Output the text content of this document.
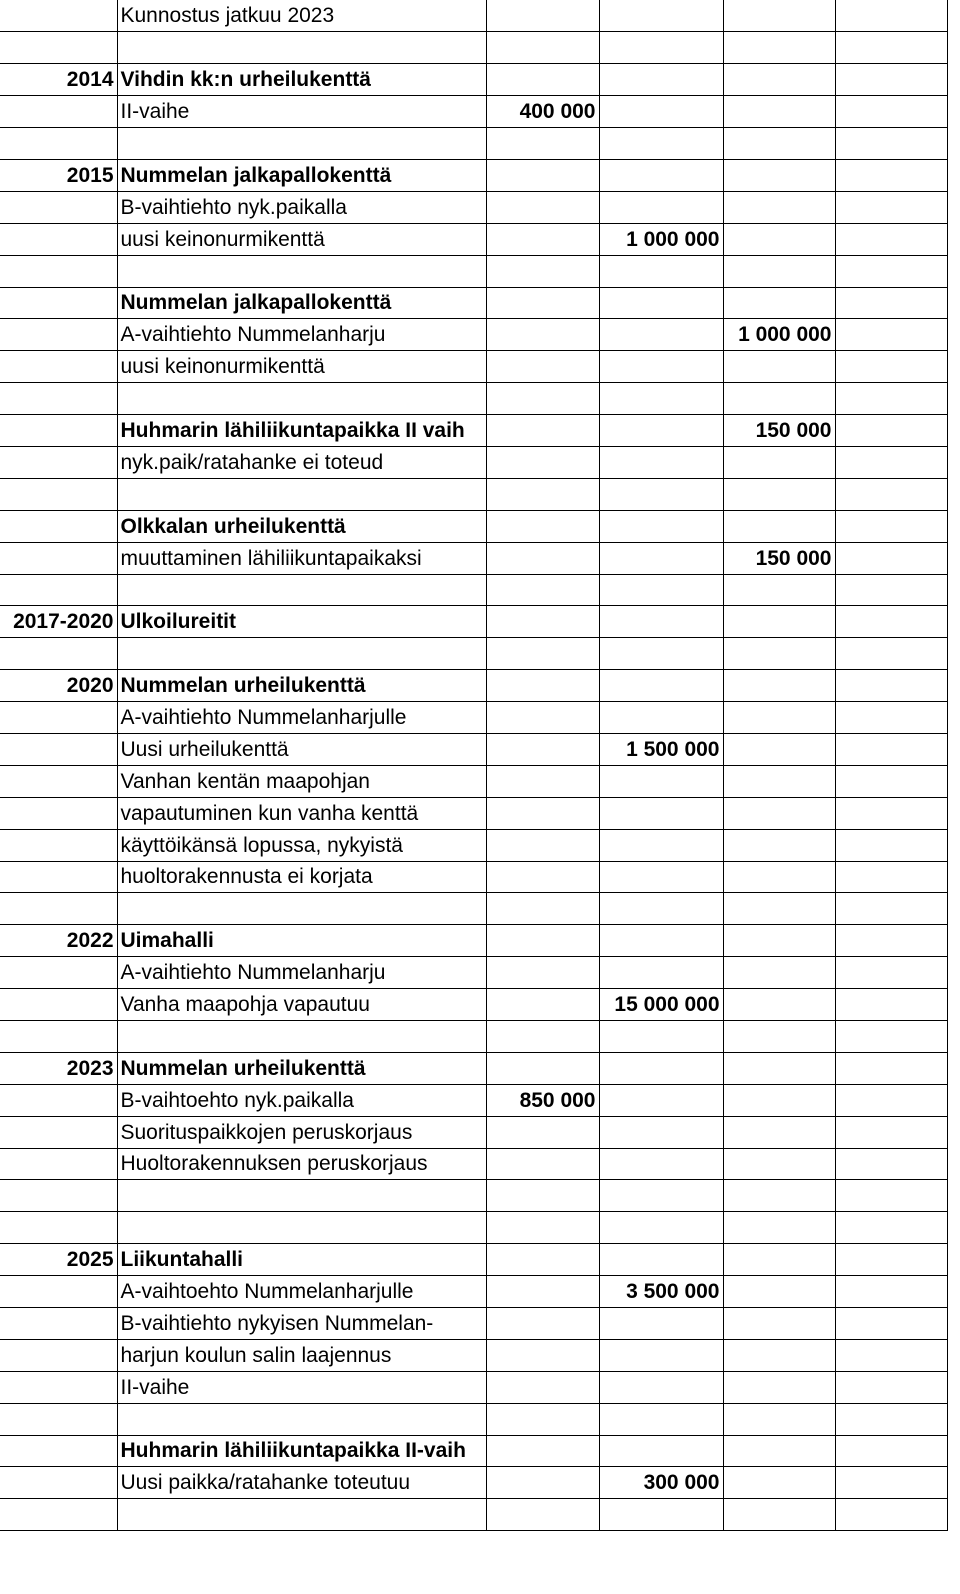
	Kunnostus jatkuu 2023				

2014	Vihdin kk:n urheilukenttä				
	II-vaihe	400 000			

2015	Nummelan jalkapallokenttä				
	B-vaihtiehto nyk.paikalla				
	uusi keinonurmikenttä		1 000 000		

	Nummelan jalkapallokenttä				
	A-vaihtiehto Nummelanharju			1 000 000	
	uusi keinonurmikenttä				

	Huhmarin lähiliikuntapaikka II vaih			150 000	
	nyk.paik/ratahanke ei toteud				

	Olkkalan urheilukenttä				
	muuttaminen lähiliikuntapaikaksi			150 000	

2017-2020	Ulkoilureitit				

2020	Nummelan urheilukenttä				
	A-vaihtiehto Nummelanharjulle				
	Uusi urheilukenttä		1 500 000		
	Vanhan kentän maapohjan				
	vapautuminen kun vanha kenttä				
	käyttöikänsä lopussa, nykyistä				
	huoltorakennusta ei korjata				

2022	Uimahalli				
	A-vaihtiehto Nummelanharju				
	Vanha maapohja vapautuu		15 000 000		

2023	Nummelan urheilukenttä				
	B-vaihtoehto nyk.paikalla	850 000			
	Suorituspaikkojen peruskorjaus				
	Huoltorakennuksen peruskorjaus				

2025	Liikuntahalli				
	A-vaihtoehto Nummelanharjulle		3 500 000		
	B-vaihtiehto nykyisen Nummelan-				
	harjun koulun salin laajennus				
	II-vaihe				

	Huhmarin lähiliikuntapaikka II-vaih				
	Uusi paikka/ratahanke toteutuu		300 000		
